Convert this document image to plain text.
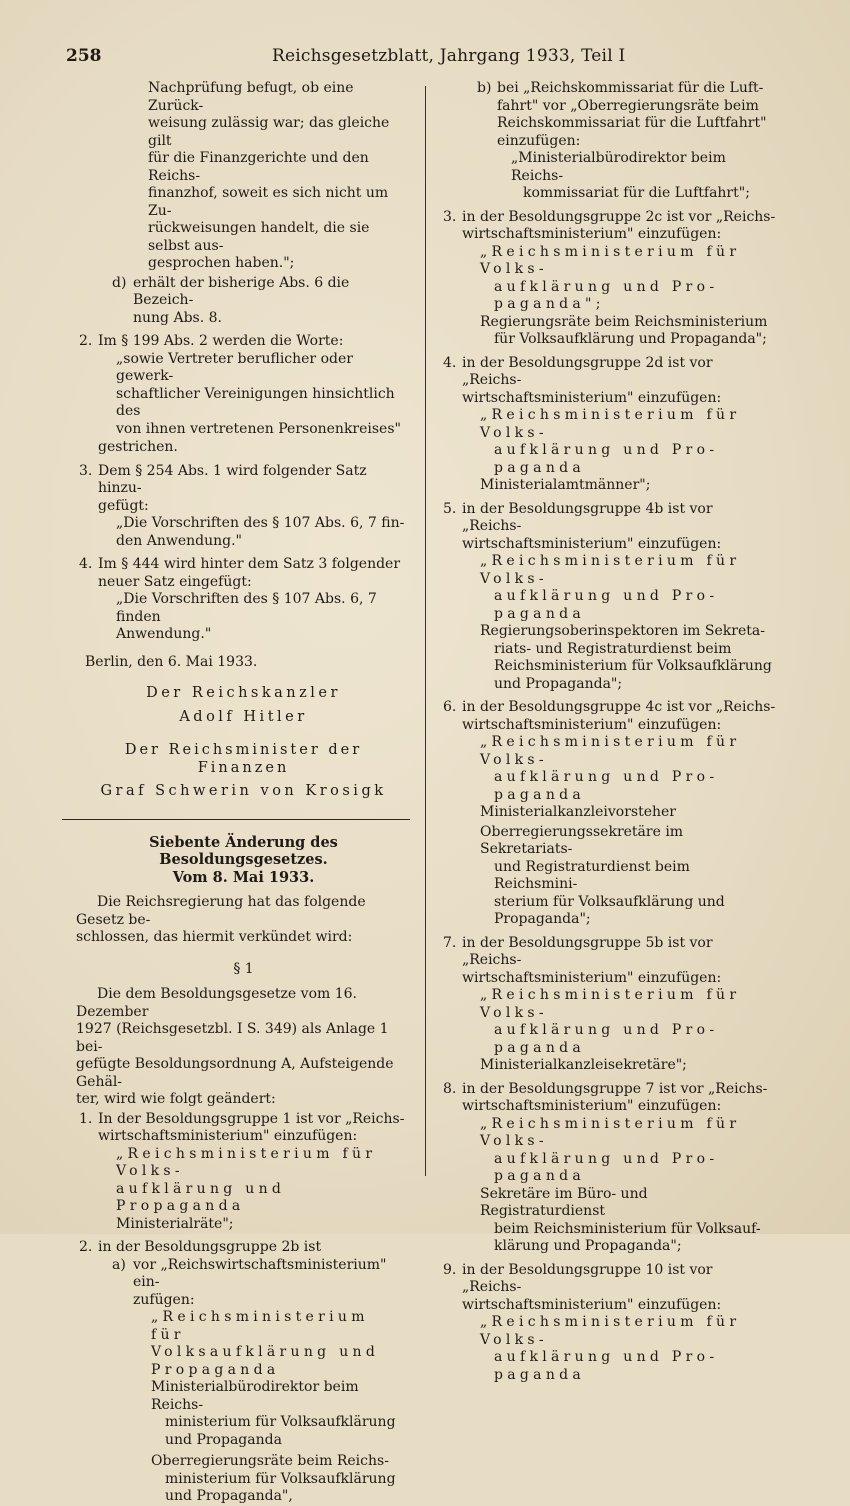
258	Reichsgesetzblatt, Jahrgang 1933, Teil I

Nachprüfung befugt, ob eine Zurück-

weisung zulässig war; das gleiche gilt

für die Finanzgerichte und den Reichs-

finanzhof, soweit es sich nicht um Zu-

rückweisungen handelt, die sie selbst aus-

gesprochen haben.";

d) erhält der bisherige Abs. 6 die Bezeich-

nung Abs. 8.

2. Im § 199 Abs. 2 werden die Worte:

„sowie Vertreter beruflicher oder gewerk-

schaftlicher Vereinigungen hinsichtlich des

von ihnen vertretenen Personenkreises"

gestrichen.

3. Dem § 254 Abs. 1 wird folgender Satz hinzu-

gefügt:

„Die Vorschriften des § 107 Abs. 6, 7 fin-

den Anwendung."

4. Im § 444 wird hinter dem Satz 3 folgender

neuer Satz eingefügt:

„Die Vorschriften des § 107 Abs. 6, 7 finden

Anwendung."

Berlin, den 6. Mai 1933.

Der Reichskanzler

Adolf Hitler

Der Reichsminister der Finanzen

Graf Schwerin von Krosigk

Siebente Änderung des Besoldungsgesetzes.

Vom 8. Mai 1933.

Die Reichsregierung hat das folgende Gesetz be-

schlossen, das hiermit verkündet wird:

§ 1

Die dem Besoldungsgesetze vom 16. Dezember

1927 (Reichsgesetzbl. I S. 349) als Anlage 1 bei-

gefügte Besoldungsordnung A, Aufsteigende Gehäl-

ter, wird wie folgt geändert:

1. In der Besoldungsgruppe 1 ist vor „Reichs-

wirtschaftsministerium" einzufügen:

„Reichsministerium für Volks-

aufklärung und Propaganda

Ministerialräte";

2. in der Besoldungsgruppe 2b ist

a) vor „Reichswirtschaftsministerium" ein-

zufügen:

„Reichsministerium für

Volksaufklärung und

Propaganda

Ministerialbürodirektor beim Reichs-

ministerium für Volksaufklärung

und Propaganda

Oberregierungsräte beim Reichs-

ministerium für Volksaufklärung

und Propaganda",

b) bei „Reichskommissariat für die Luft-

fahrt" vor „Oberregierungsräte beim

Reichskommissariat für die Luftfahrt"

einzufügen:

„Ministerialbürodirektor beim Reichs-

kommissariat für die Luftfahrt";

3. in der Besoldungsgruppe 2c ist vor „Reichs-

wirtschaftsministerium" einzufügen:

„Reichsministerium für Volks-

aufklärung und Pro-

paganda";

Regierungsräte beim Reichsministerium

für Volksaufklärung und Propaganda";

4. in der Besoldungsgruppe 2d ist vor „Reichs-

wirtschaftsministerium" einzufügen:

„Reichsministerium für Volks-

aufklärung und Pro-

paganda

Ministerialamtmänner";

5. in der Besoldungsgruppe 4b ist vor „Reichs-

wirtschaftsministerium" einzufügen:

„Reichsministerium für Volks-

aufklärung und Pro-

paganda

Regierungsoberinspektoren im Sekreta-

riats- und Registraturdienst beim

Reichsministerium für Volksaufklärung

und Propaganda";

6. in der Besoldungsgruppe 4c ist vor „Reichs-

wirtschaftsministerium" einzufügen:

„Reichsministerium für Volks-

aufklärung und Pro-

paganda

Ministerialkanzleivorsteher

Oberregierungssekretäre im Sekretariats-

und Registraturdienst beim Reichsmini-

sterium für Volksaufklärung und

Propaganda";

7. in der Besoldungsgruppe 5b ist vor „Reichs-

wirtschaftsministerium" einzufügen:

„Reichsministerium für Volks-

aufklärung und Pro-

paganda

Ministerialkanzleisekretäre";

8. in der Besoldungsgruppe 7 ist vor „Reichs-

wirtschaftsministerium" einzufügen:

„Reichsministerium für Volks-

aufklärung und Pro-

paganda

Sekretäre im Büro- und Registraturdienst

beim Reichsministerium für Volksauf-

klärung und Propaganda";

9. in der Besoldungsgruppe 10 ist vor „Reichs-

wirtschaftsministerium" einzufügen:

„Reichsministerium für Volks-

aufklärung und Pro-

paganda
